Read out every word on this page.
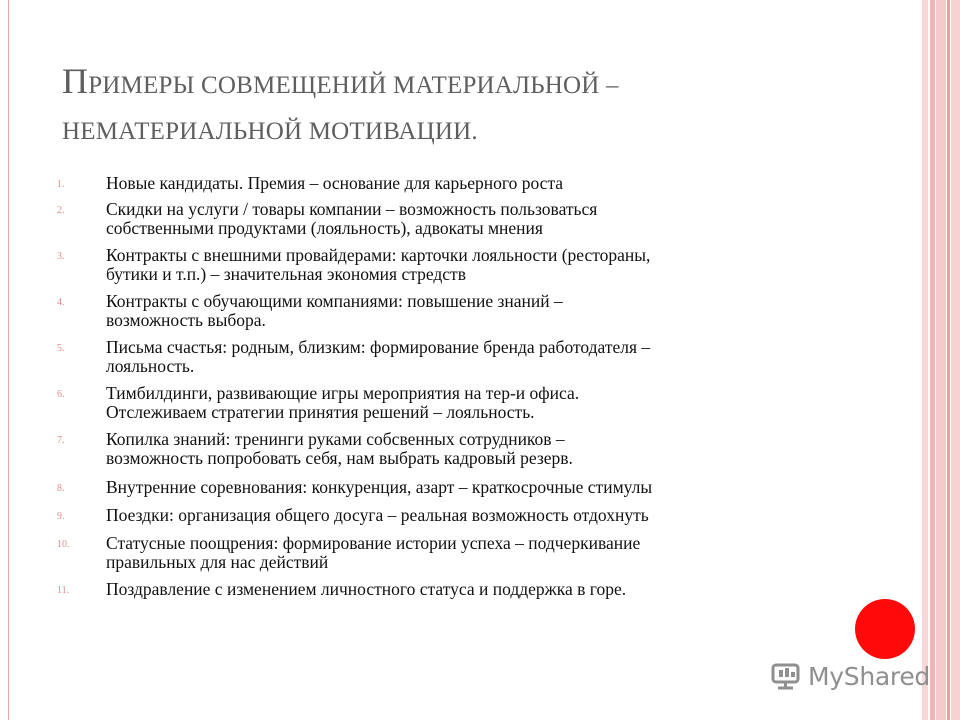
ПРИМЕРЫ СОВМЕЩЕНИЙ МАТЕРИАЛЬНОЙ –
НЕМАТЕРИАЛЬНОЙ МОТИВАЦИИ.
1. Новые кандидаты. Премия – основание для карьерного роста
2. Скидки на услуги / товары компании – возможность пользоваться
собственными продуктами (лояльность), адвокаты мнения
3. Контракты с внешними провайдерами: карточки лояльности (рестораны,
бутики и т.п.) – значительная экономия стредств
4. Контракты с обучающими компаниями: повышение знаний –
возможность выбора.
5. Письма счастья: родным, близким: формирование бренда работодателя –
лояльность.
6. Тимбилдинги, развивающие игры мероприятия на тер-и офиса.
Отслеживаем стратегии принятия решений – лояльность.
7. Копилка знаний: тренинги руками собсвенных сотрудников –
возможность попробовать себя, нам выбрать кадровый резерв.
8. Внутренние соревнования: конкуренция, азарт – краткосрочные стимулы
9. Поездки: организация общего досуга – реальная возможность отдохнуть
10. Статусные поощрения: формирование истории успеха – подчеркивание
правильных для нас действий
11. Поздравление с изменением личностного статуса и поддержка в горе.
MyShared
